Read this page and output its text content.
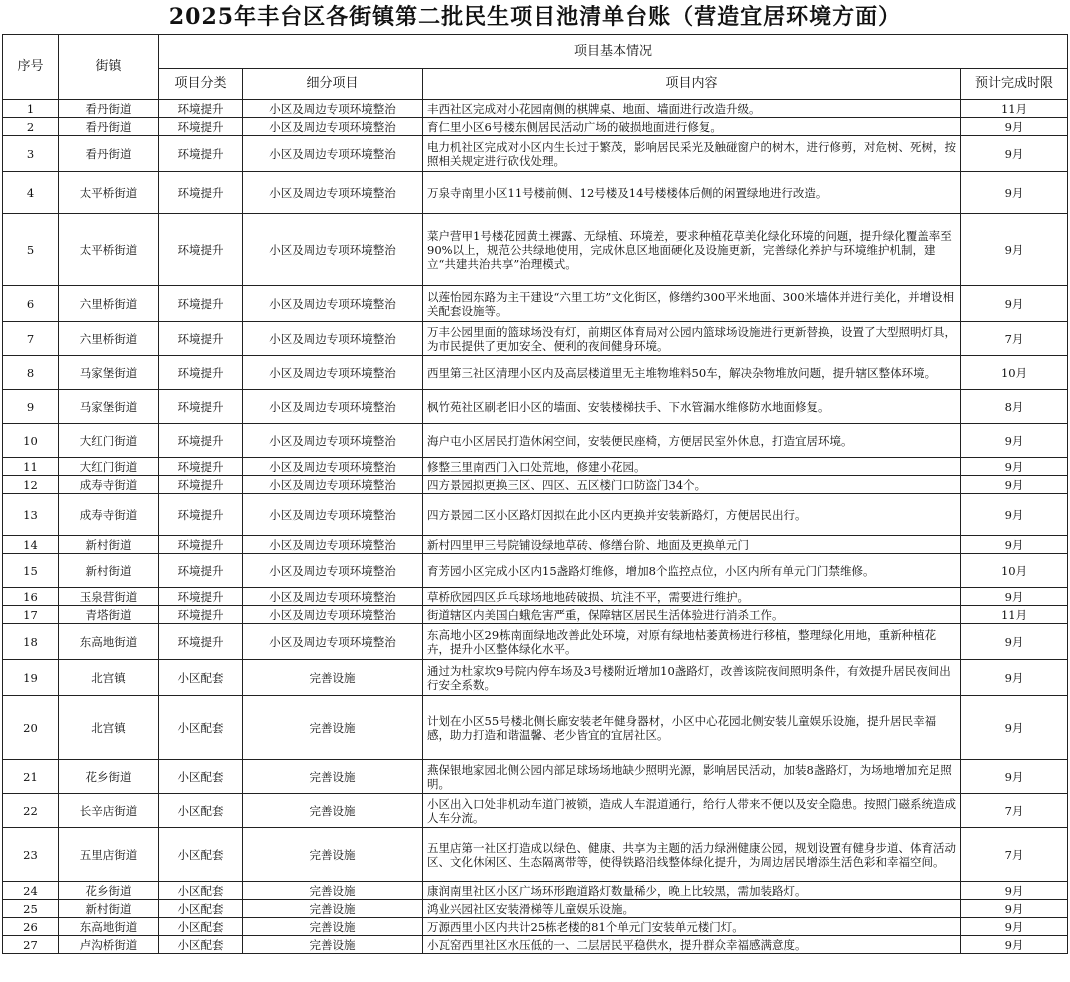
2025年丰台区各街镇第二批民生项目池清单台账（营造宜居环境方面）
序号	街镇	项目基本情况			
		项目分类	细分项目	项目内容	预计完成时限
1	看丹街道	环境提升	小区及周边专项环境整治	丰西社区完成对小花园南侧的棋牌桌、地面、墙面进行改造升级。	11月
2	看丹街道	环境提升	小区及周边专项环境整治	育仁里小区6号楼东侧居民活动广场的破损地面进行修复。	9月
3	看丹街道	环境提升	小区及周边专项环境整治	电力机社区完成对小区内生长过于繁茂，影响居民采光及触碰窗户的树木，进行修剪，对危树、死树，按照相关规定进行砍伐处理。	9月
4	太平桥街道	环境提升	小区及周边专项环境整治	万泉寺南里小区11号楼前侧、12号楼及14号楼楼体后侧的闲置绿地进行改造。	9月
5	太平桥街道	环境提升	小区及周边专项环境整治	菜户营甲1号楼花园黄土裸露、无绿植、环境差，要求种植花草美化绿化环境的问题，提升绿化覆盖率至90%以上，规范公共绿地使用，完成休息区地面硬化及设施更新，完善绿化养护与环境维护机制，建立“共建共治共享”治理模式。	9月
6	六里桥街道	环境提升	小区及周边专项环境整治	以莲怡园东路为主干建设“六里工坊”文化街区，修缮约300平米地面、300米墙体并进行美化，并增设相关配套设施等。	9月
7	六里桥街道	环境提升	小区及周边专项环境整治	万丰公园里面的篮球场没有灯，前期区体育局对公园内篮球场设施进行更新替换，设置了大型照明灯具，为市民提供了更加安全、便利的夜间健身环境。	7月
8	马家堡街道	环境提升	小区及周边专项环境整治	西里第三社区清理小区内及高层楼道里无主堆物堆料50车，解决杂物堆放问题，提升辖区整体环境。	10月
9	马家堡街道	环境提升	小区及周边专项环境整治	枫竹苑社区刷老旧小区的墙面、安装楼梯扶手、下水管漏水维修防水地面修复。	8月
10	大红门街道	环境提升	小区及周边专项环境整治	海户屯小区居民打造休闲空间，安装便民座椅，方便居民室外休息，打造宜居环境。	9月
11	大红门街道	环境提升	小区及周边专项环境整治	修整三里南西门入口处荒地，修建小花园。	9月
12	成寿寺街道	环境提升	小区及周边专项环境整治	四方景园拟更换三区、四区、五区楼门口防盗门34个。	9月
13	成寿寺街道	环境提升	小区及周边专项环境整治	四方景园二区小区路灯因拟在此小区内更换并安装新路灯，方便居民出行。	9月
14	新村街道	环境提升	小区及周边专项环境整治	新村四里甲三号院铺设绿地草砖、修缮台阶、地面及更换单元门	9月
15	新村街道	环境提升	小区及周边专项环境整治	育芳园小区完成小区内15盏路灯维修，增加8个监控点位，小区内所有单元门门禁维修。	10月
16	玉泉营街道	环境提升	小区及周边专项环境整治	草桥欣园四区乒乓球场地地砖破损、坑洼不平，需要进行维护。	9月
17	青塔街道	环境提升	小区及周边专项环境整治	街道辖区内美国白蛾危害严重，保障辖区居民生活体验进行消杀工作。	11月
18	东高地街道	环境提升	小区及周边专项环境整治	东高地小区29栋南面绿地改善此处环境，对原有绿地枯萎黄杨进行移植，整理绿化用地，重新种植花卉，提升小区整体绿化水平。	9月
19	北宫镇	小区配套	完善设施	通过为杜家坎9号院内停车场及3号楼附近增加10盏路灯，改善该院夜间照明条件，有效提升居民夜间出行安全系数。	9月
20	北宫镇	小区配套	完善设施	计划在小区55号楼北侧长廊安装老年健身器材，小区中心花园北侧安装儿童娱乐设施，提升居民幸福感，助力打造和谐温馨、老少皆宜的宜居社区。	9月
21	花乡街道	小区配套	完善设施	燕保银地家园北侧公园内部足球场场地缺少照明光源，影响居民活动，加装8盏路灯，为场地增加充足照明。	9月
22	长辛店街道	小区配套	完善设施	小区出入口处非机动车道门被锁，造成人车混道通行，给行人带来不便以及安全隐患。按照门磁系统造成人车分流。	7月
23	五里店街道	小区配套	完善设施	五里店第一社区打造成以绿色、健康、共享为主题的活力绿洲健康公园，规划设置有健身步道、体育活动区、文化休闲区、生态隔离带等，使得铁路沿线整体绿化提升，为周边居民增添生活色彩和幸福空间。	7月
24	花乡街道	小区配套	完善设施	康润南里社区小区广场环形跑道路灯数量稀少，晚上比较黑，需加装路灯。	9月
25	新村街道	小区配套	完善设施	鸿业兴园社区安装滑梯等儿童娱乐设施。	9月
26	东高地街道	小区配套	完善设施	万源西里小区内共计25栋老楼的81个单元门安装单元楼门灯。	9月
27	卢沟桥街道	小区配套	完善设施	小瓦窑西里社区水压低的一、二层居民平稳供水，提升群众幸福感满意度。	9月
